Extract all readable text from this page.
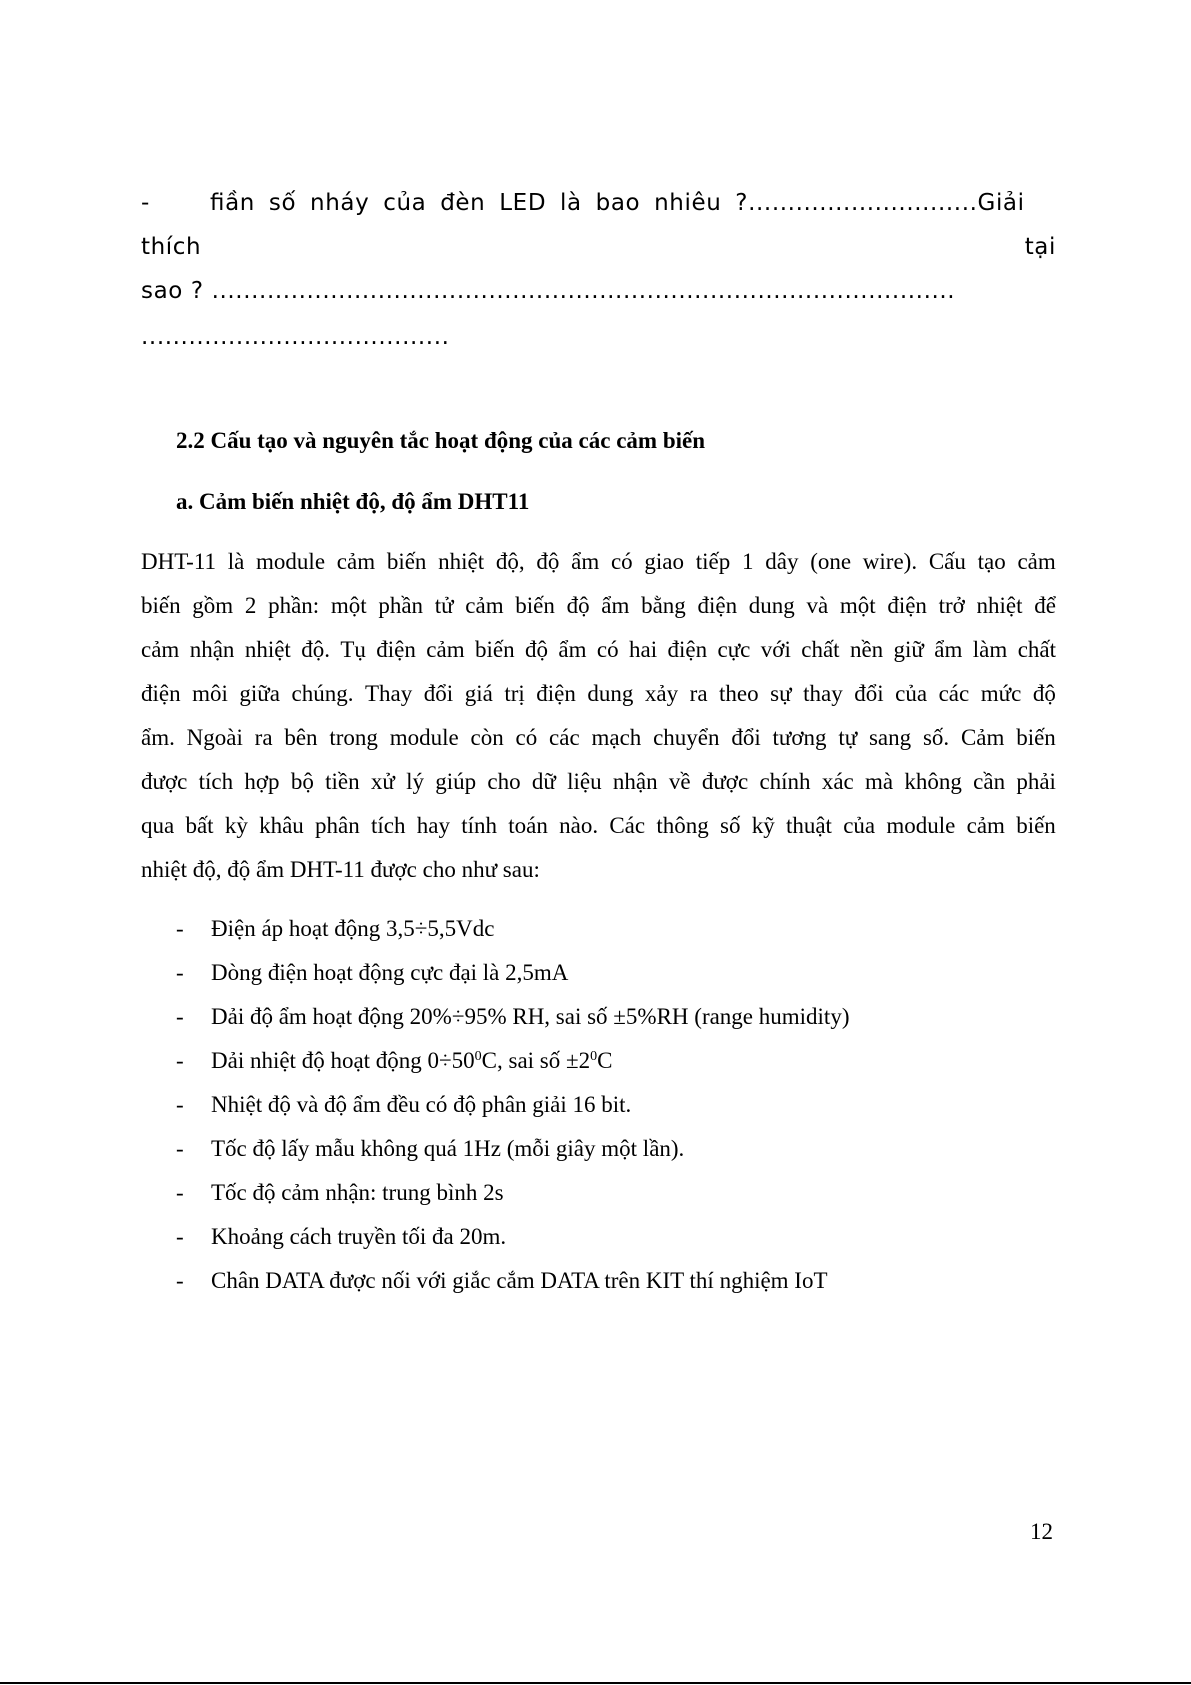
-	ﬁần số nháy của đèn LED là bao nhiêu ?.............................Giải
thích	tại
sao ? ..............................................................................................
.......................................
2.2 Cấu tạo và nguyên tắc hoạt động của các cảm biến
a. Cảm biến nhiệt độ, độ ẩm DHT11
DHT-11 là module cảm biến nhiệt độ, độ ẩm có giao tiếp 1 dây (one wire). Cấu tạo cảm
biến gồm 2 phần: một phần tử cảm biến độ ẩm bằng điện dung và một điện trở nhiệt để
cảm nhận nhiệt độ. Tụ điện cảm biến độ ẩm có hai điện cực với chất nền giữ ẩm làm chất
điện môi giữa chúng. Thay đổi giá trị điện dung xảy ra theo sự thay đổi của các mức độ
ẩm. Ngoài ra bên trong module còn có các mạch chuyển đổi tương tự sang số. Cảm biến
được tích hợp bộ tiền xử lý giúp cho dữ liệu nhận về được chính xác mà không cần phải
qua bất kỳ khâu phân tích hay tính toán nào. Các thông số kỹ thuật của module cảm biến
nhiệt độ, độ ẩm DHT-11 được cho như sau:
- Điện áp hoạt động 3,5÷5,5Vdc
- Dòng điện hoạt động cực đại là 2,5mA
- Dải độ ẩm hoạt động 20%÷95% RH, sai số ±5%RH (range humidity)
- Dải nhiệt độ hoạt động $0\div 50^0C$, sai số $\pm 2^0C$
- Nhiệt độ và độ ẩm đều có độ phân giải 16 bit.
- Tốc độ lấy mẫu không quá 1Hz (mỗi giây một lần).
- Tốc độ cảm nhận: trung bình 2s
- Khoảng cách truyền tối đa 20m.
- Chân DATA được nối với giắc cắm DATA trên KIT thí nghiệm IoT
12
